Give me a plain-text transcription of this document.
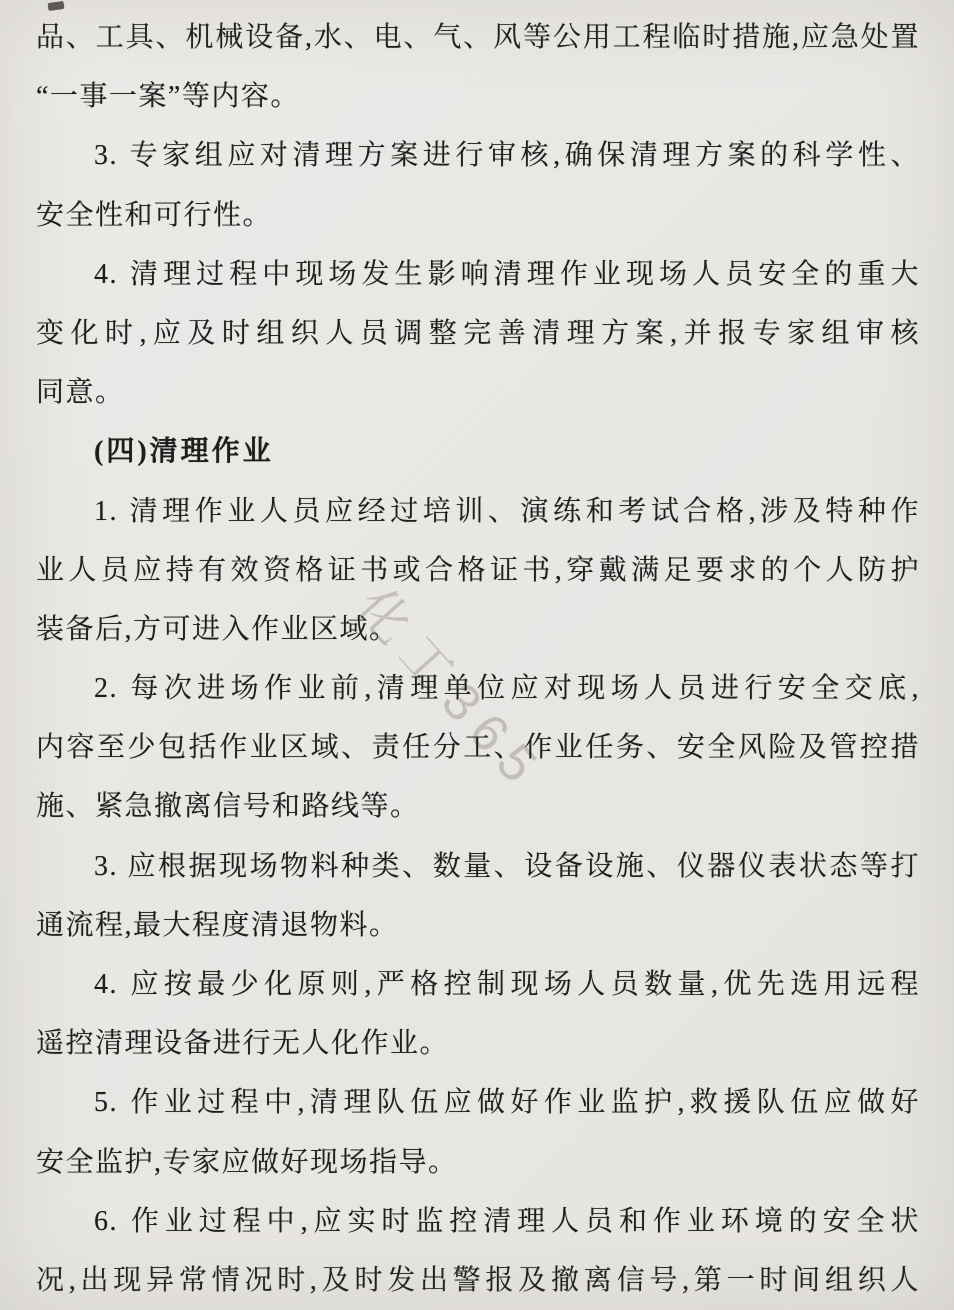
化工365
品、工具、机械设备,水、电、气、风等公用工程临时措施,应急处置
“一事一案”等内容。
3. 专家组应对清理方案进行审核,确保清理方案的科学性、
安全性和可行性。
4. 清理过程中现场发生影响清理作业现场人员安全的重大
变化时,应及时组织人员调整完善清理方案,并报专家组审核
同意。
(四)清理作业
1. 清理作业人员应经过培训、演练和考试合格,涉及特种作
业人员应持有效资格证书或合格证书,穿戴满足要求的个人防护
装备后,方可进入作业区域。
2. 每次进场作业前,清理单位应对现场人员进行安全交底,
内容至少包括作业区域、责任分工、作业任务、安全风险及管控措
施、紧急撤离信号和路线等。
3. 应根据现场物料种类、数量、设备设施、仪器仪表状态等打
通流程,最大程度清退物料。
4. 应按最少化原则,严格控制现场人员数量,优先选用远程
遥控清理设备进行无人化作业。
5. 作业过程中,清理队伍应做好作业监护,救援队伍应做好
安全监护,专家应做好现场指导。
6. 作业过程中,应实时监控清理人员和作业环境的安全状
况,出现异常情况时,及时发出警报及撤离信号,第一时间组织人
